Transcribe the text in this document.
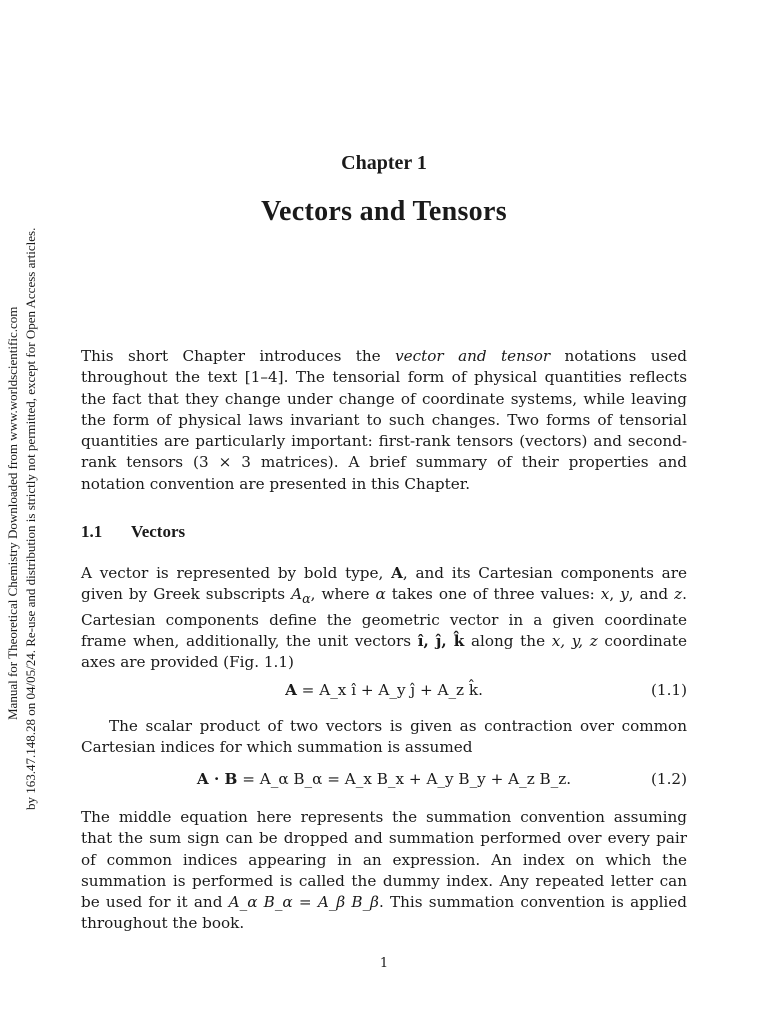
Manual for Theoretical Chemistry Downloaded from www.worldscientific.com by 163.47.148.28 on 04/05/24. Re-use and distribution is strictly not permitted, except for Open Access articles.
Chapter 1
Vectors and Tensors

This short Chapter introduces the vector and tensor notations used throughout the text [1–4]. The tensorial form of physical quantities reflects the fact that they change under change of coordinate systems, while leaving the form of physical laws invariant to such changes. Two forms of tensorial quantities are particularly important: first-rank tensors (vectors) and second-rank tensors (3 × 3 matrices). A brief summary of their properties and notation convention are presented in this Chapter.

1.1 Vectors

A vector is represented by bold type, A, and its Cartesian components are given by Greek subscripts $A_\alpha$, where α takes one of three values: x, y, and z. Cartesian components define the geometric vector in a given coordinate frame when, additionally, the unit vectors î, ĵ, k̂ along the x, y, z coordinate axes are provided (Fig. 1.1)

A = A_x î + A_y ĵ + A_z k̂.	(1.1)

The scalar product of two vectors is given as contraction over common Cartesian indices for which summation is assumed

A · B = A_α B_α = A_x B_x + A_y B_y + A_z B_z.	(1.2)

The middle equation here represents the summation convention assuming that the sum sign can be dropped and summation performed over every pair of common indices appearing in an expression. An index on which the summation is performed is called the dummy index. Any repeated letter can be used for it and A_α B_α = A_β B_β. This summation convention is applied throughout the book.

1
